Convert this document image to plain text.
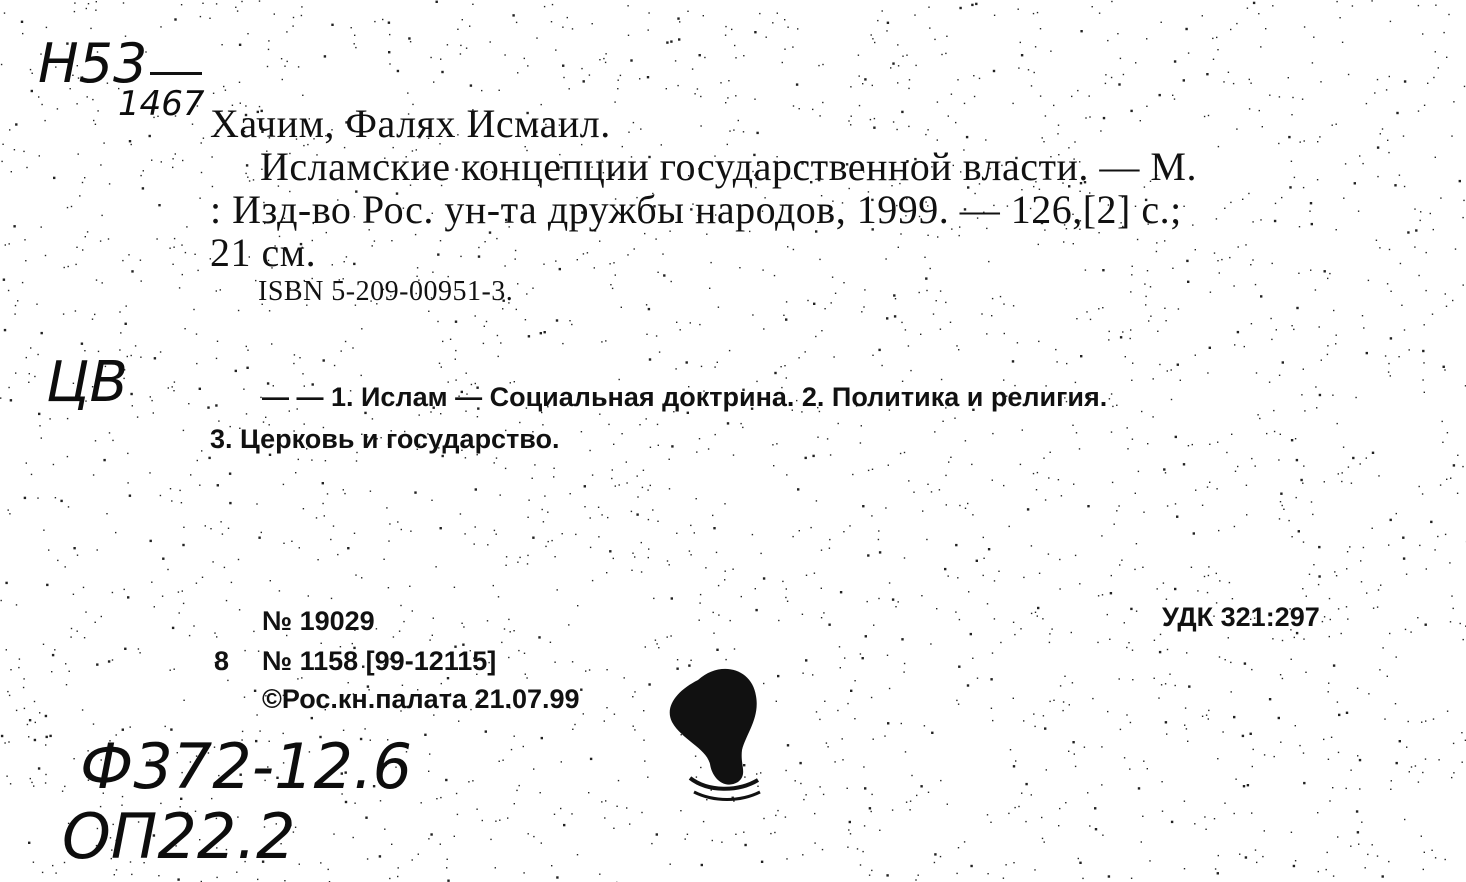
Н53
1467
ЦВ
Ф372-12.6
ОП22.2
Хачим, Фалях Исмаил.
Исламские концепции государственной власти. — М.
: Изд-во Рос. ун-та дружбы народов, 1999. — 126,[2] с.;
21 см.
ISBN 5-209-00951-3.
— — 1. Ислам — Социальная доктрина. 2. Политика и религия.
3. Церковь и государство.
№ 19029
8 № 1158 [99-12115]
©Рос.кн.палата 21.07.99
УДК 321:297
